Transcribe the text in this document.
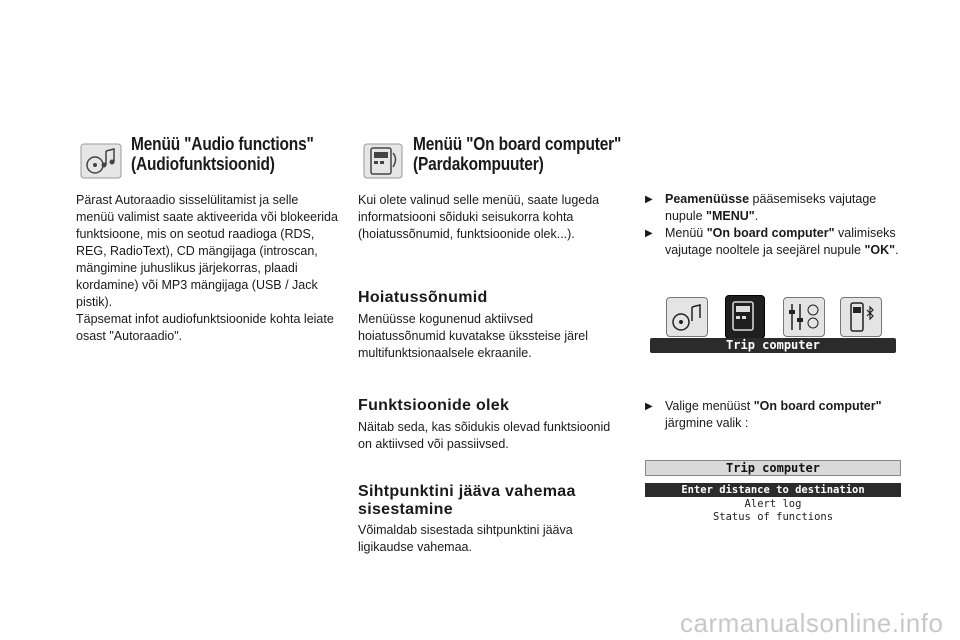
Menüü "Audio functions"
(Audiofunktsioonid)
Pärast Autoraadio sisselülitamist ja selle
menüü valimist saate aktiveerida või blokeerida
funktsioone, mis on seotud raadioga (RDS,
REG, RadioText), CD mängijaga (introscan,
mängimine juhuslikus järjekorras, plaadi
kordamine) või MP3 mängijaga (USB / Jack
pistik).
Täpsemat infot audiofunktsioonide kohta leiate
osast "Autoraadio".
Menüü "On board computer"
(Pardakompuuter)
Kui olete valinud selle menüü, saate lugeda
informatsiooni sõiduki seisukorra kohta
(hoiatussõnumid, funktsioonide olek...).
Hoiatussõnumid
Menüüsse kogunenud aktiivsed
hoiatussõnumid kuvatakse ükssteise järel
multifunktsionaalsele ekraanile.
Funktsioonide olek
Näitab seda, kas sõidukis olevad funktsioonid
on aktiivsed või passiivsed.
Sihtpunktini jääva vahemaa
sisestamine
Võimaldab sisestada sihtpunktini jääva
ligikaudse vahemaa.
▶︎ Peamenüüsse pääsemiseks vajutage
nupule "MENU".
▶︎ Menüü "On board computer" valimiseks
vajutage nooltele ja seejärel nupule "OK".
Trip computer
▶︎ Valige menüüst "On board computer"
järgmine valik :
Trip computer
Enter distance to destination
Alert log
Status of functions
carmanualsonline.info
